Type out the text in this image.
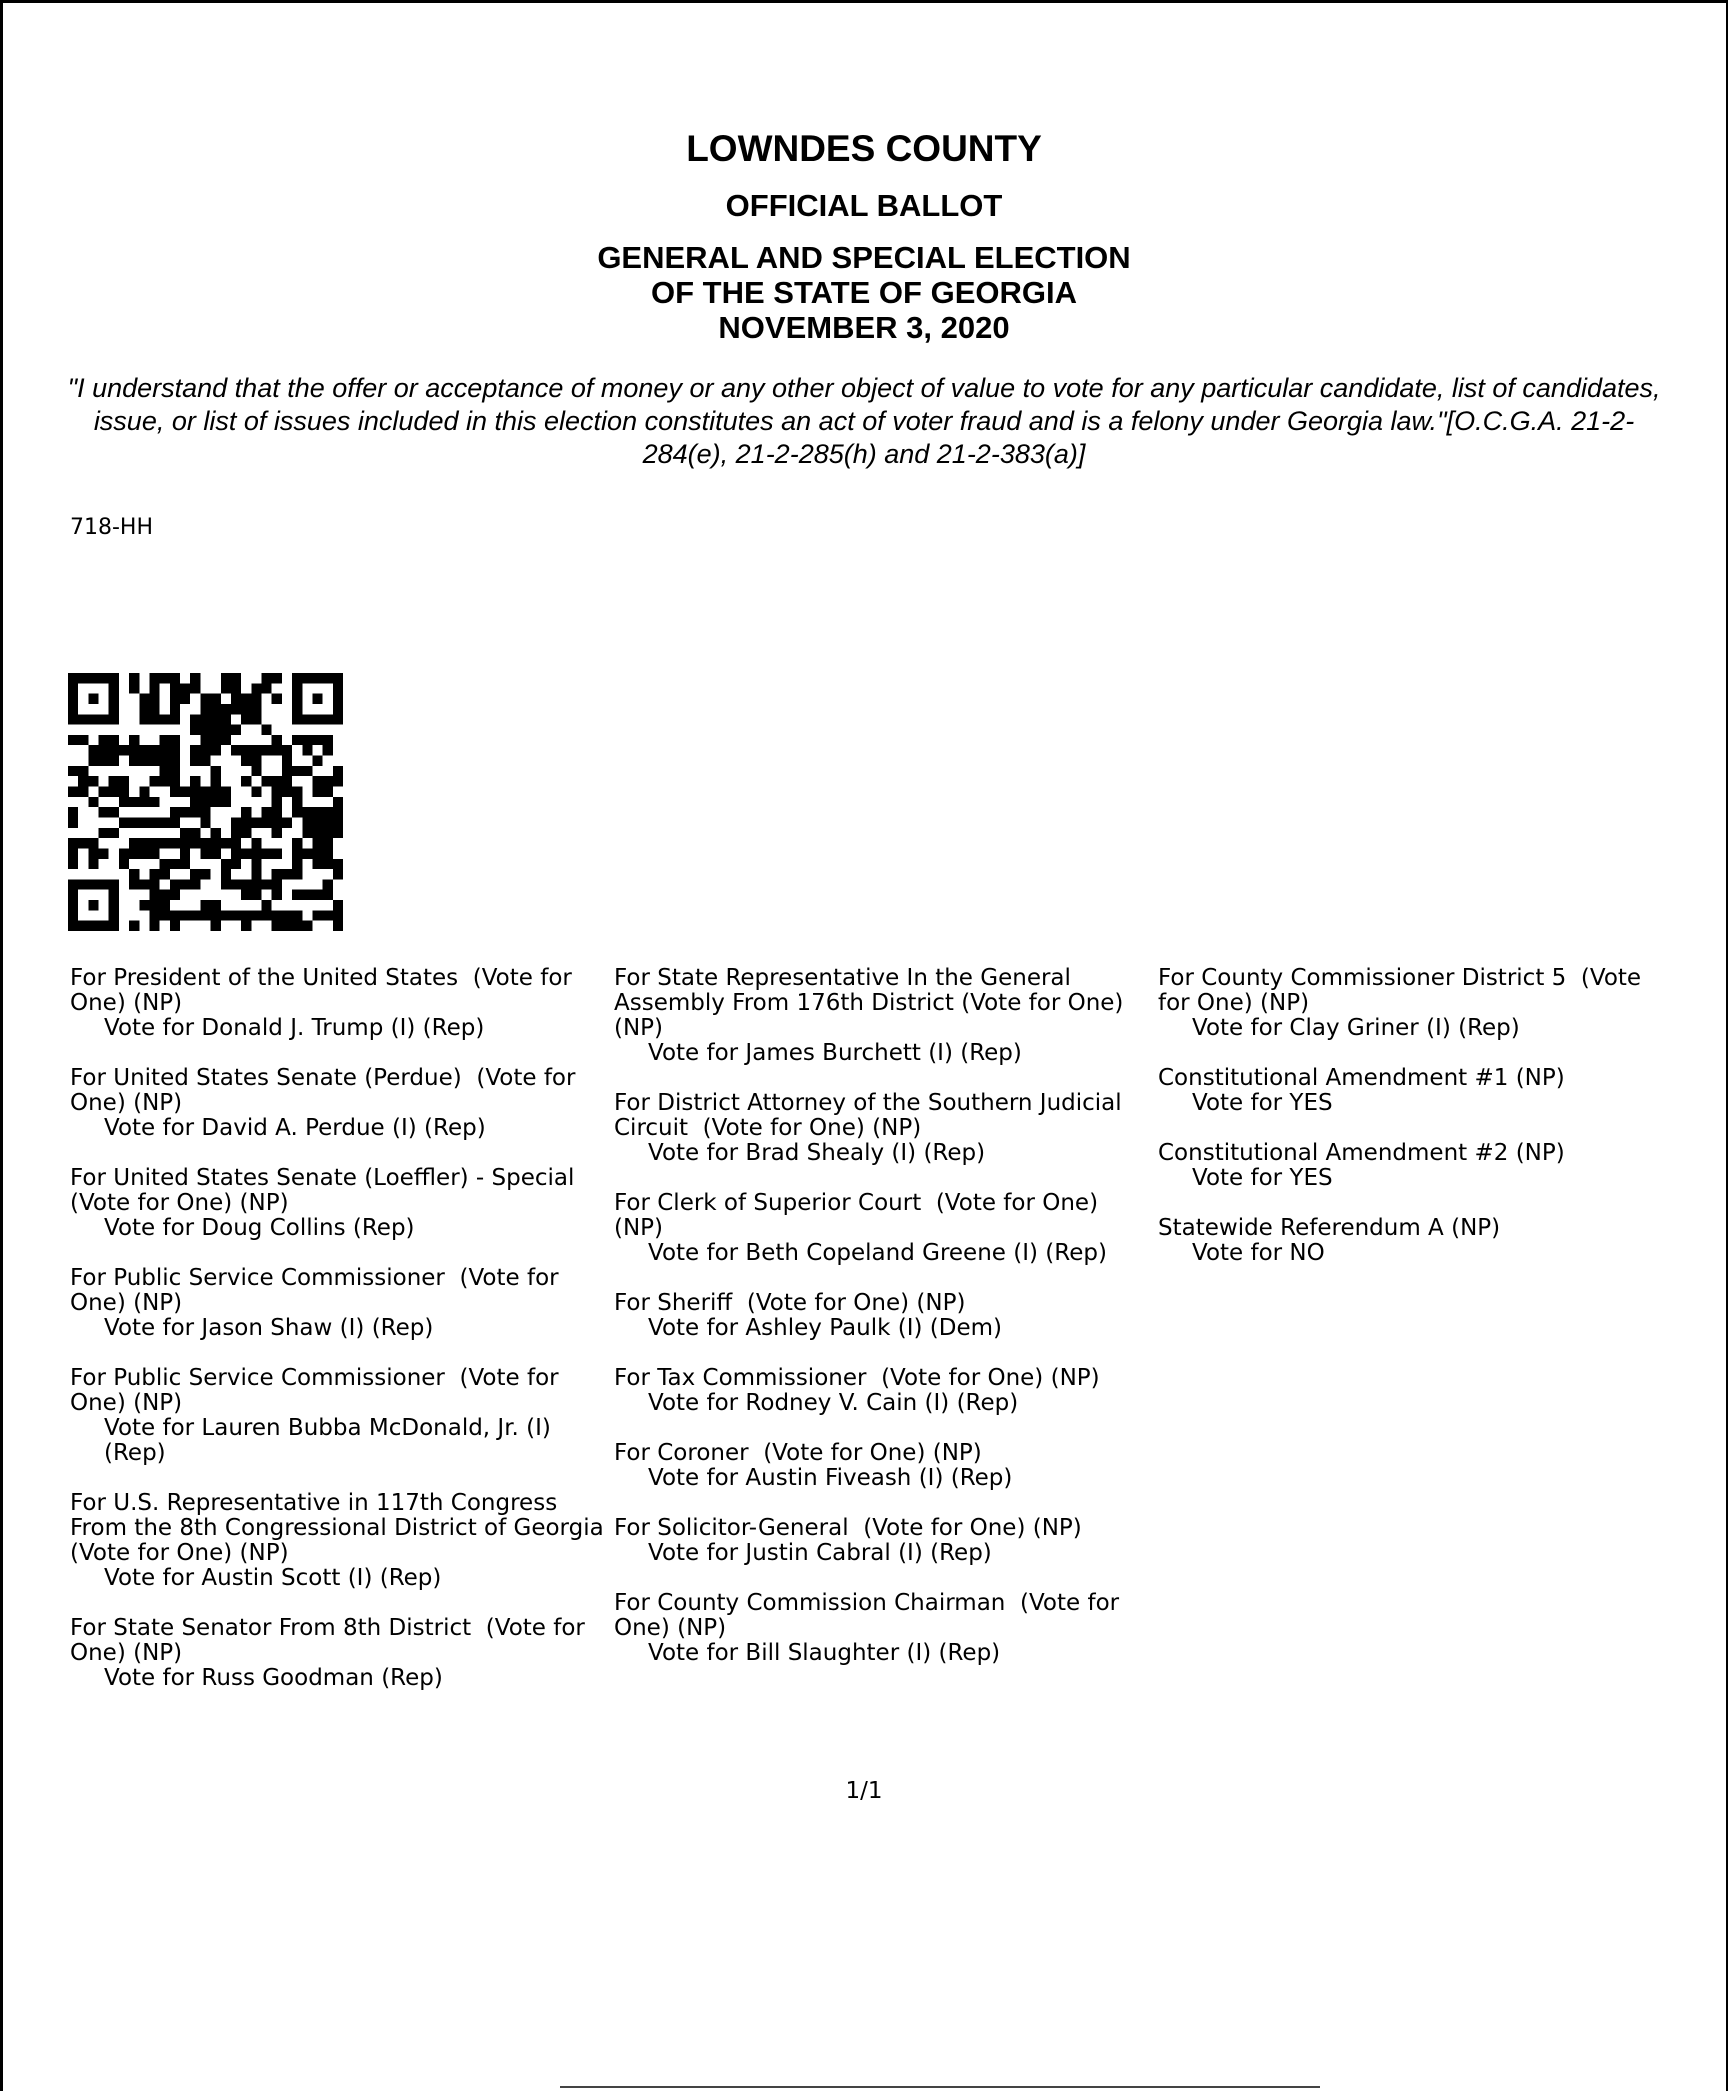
LOWNDES COUNTY
OFFICIAL BALLOT
GENERAL AND SPECIAL ELECTION
OF THE STATE OF GEORGIA
NOVEMBER 3, 2020
"I understand that the offer or acceptance of money or any other object of value to vote for any particular candidate, list of candidates, issue, or list of issues included in this election constitutes an act of voter fraud and is a felony under Georgia law."[O.C.G.A. 21-2-284(e), 21-2-285(h) and 21-2-383(a)]
718-HH
For President of the United States  (Vote for One) (NP)
Vote for Donald J. Trump (I) (Rep)
For United States Senate (Perdue)  (Vote for One) (NP)
Vote for David A. Perdue (I) (Rep)
For United States Senate (Loeffler) - Special  (Vote for One) (NP)
Vote for Doug Collins (Rep)
For Public Service Commissioner  (Vote for One) (NP)
Vote for Jason Shaw (I) (Rep)
For Public Service Commissioner  (Vote for One) (NP)
Vote for Lauren Bubba McDonald, Jr. (I) (Rep)
For U.S. Representative in 117th Congress From the 8th Congressional District of Georgia (Vote for One) (NP)
Vote for Austin Scott (I) (Rep)
For State Senator From 8th District  (Vote for One) (NP)
Vote for Russ Goodman (Rep)
For State Representative In the General Assembly From 176th District (Vote for One) (NP)
Vote for James Burchett (I) (Rep)
For District Attorney of the Southern Judicial Circuit  (Vote for One) (NP)
Vote for Brad Shealy (I) (Rep)
For Clerk of Superior Court  (Vote for One) (NP)
Vote for Beth Copeland Greene (I) (Rep)
For Sheriff  (Vote for One) (NP)
Vote for Ashley Paulk (I) (Dem)
For Tax Commissioner  (Vote for One) (NP)
Vote for Rodney V. Cain (I) (Rep)
For Coroner  (Vote for One) (NP)
Vote for Austin Fiveash (I) (Rep)
For Solicitor-General  (Vote for One) (NP)
Vote for Justin Cabral (I) (Rep)
For County Commission Chairman  (Vote for One) (NP)
Vote for Bill Slaughter (I) (Rep)
For County Commissioner District 5  (Vote for One) (NP)
Vote for Clay Griner (I) (Rep)
Constitutional Amendment #1 (NP)
Vote for YES
Constitutional Amendment #2 (NP)
Vote for YES
Statewide Referendum A (NP)
Vote for NO
1/1
